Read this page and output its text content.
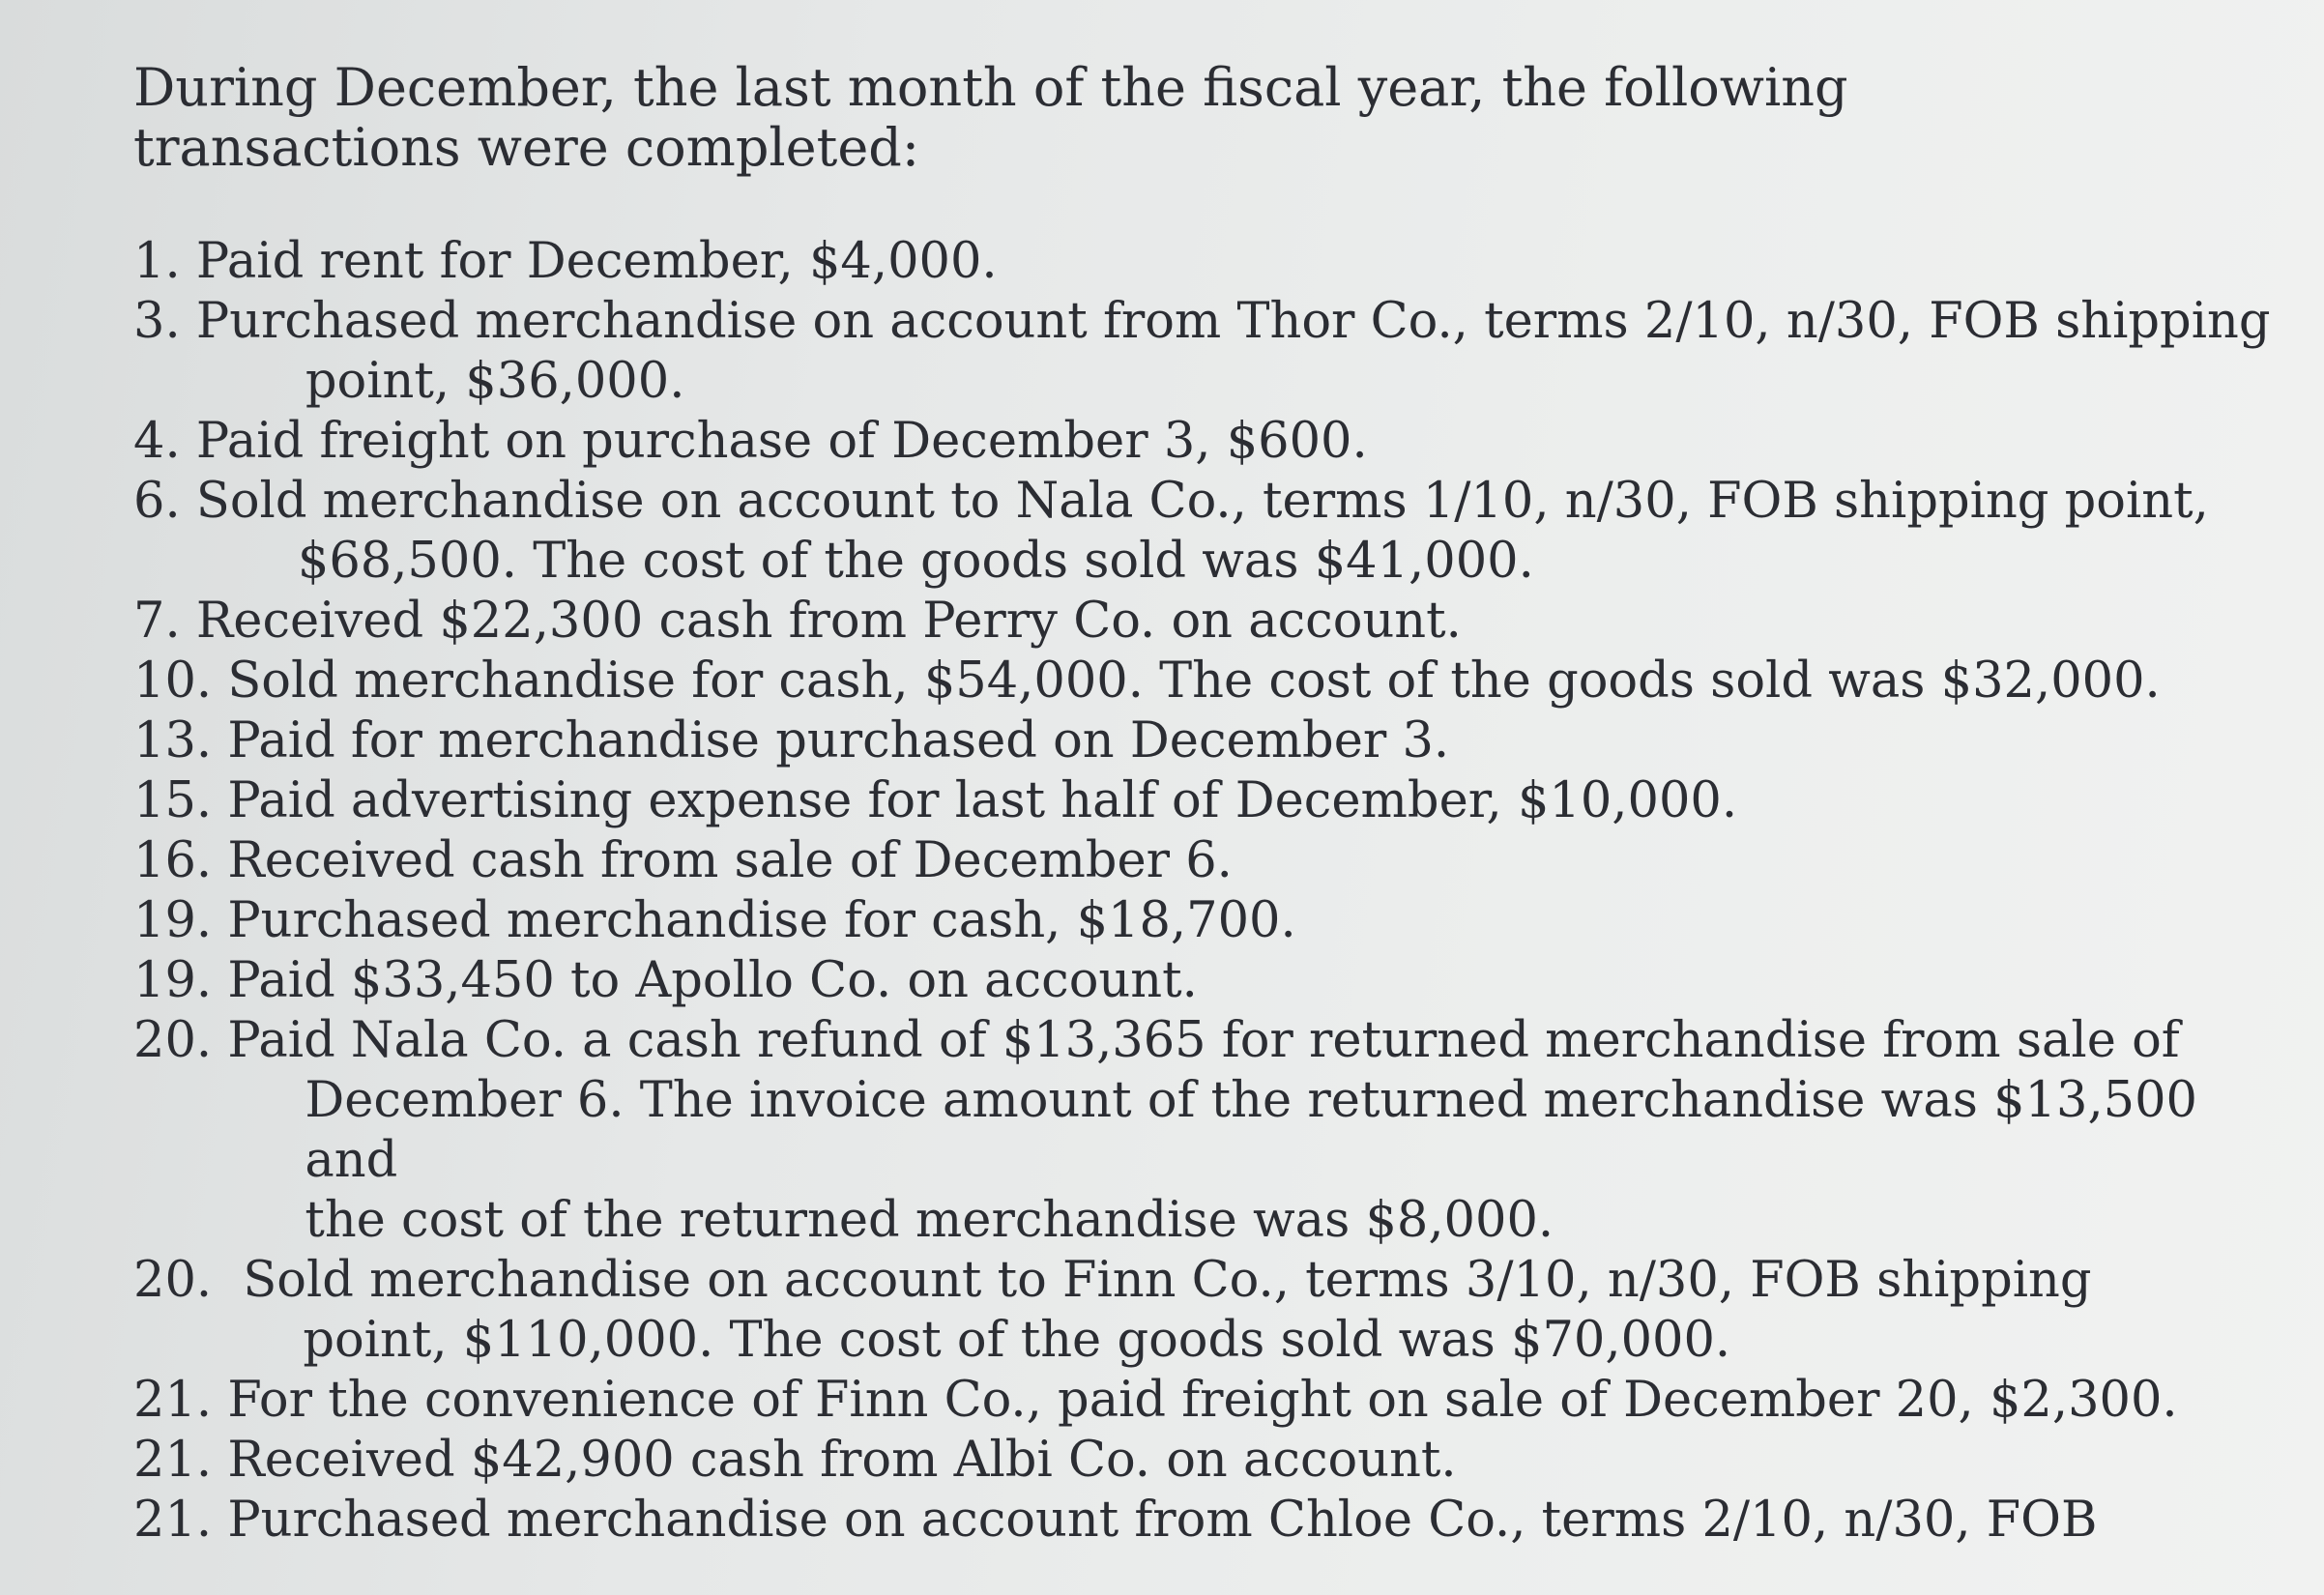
During December, the last month of the fiscal year, the following transactions were completed:

1. Paid rent for December, $4,000.
3. Purchased merchandise on account from Thor Co., terms 2/10, n/30, FOB shipping
point, $36,000.
4. Paid freight on purchase of December 3, $600.
6. Sold merchandise on account to Nala Co., terms 1/10, n/30, FOB shipping point,
$68,500. The cost of the goods sold was $41,000.
7. Received $22,300 cash from Perry Co. on account.
10. Sold merchandise for cash, $54,000. The cost of the goods sold was $32,000.
13. Paid for merchandise purchased on December 3.
15. Paid advertising expense for last half of December, $10,000.
16. Received cash from sale of December 6.
19. Purchased merchandise for cash, $18,700.
19. Paid $33,450 to Apollo Co. on account.
20. Paid Nala Co. a cash refund of $13,365 for returned merchandise from sale of
December 6. The invoice amount of the returned merchandise was $13,500 and
the cost of the returned merchandise was $8,000.
20. Sold merchandise on account to Finn Co., terms 3/10, n/30, FOB shipping
point, $110,000. The cost of the goods sold was $70,000.
21. For the convenience of Finn Co., paid freight on sale of December 20, $2,300.
21. Received $42,900 cash from Albi Co. on account.
21. Purchased merchandise on account from Chloe Co., terms 2/10, n/30, FOB
